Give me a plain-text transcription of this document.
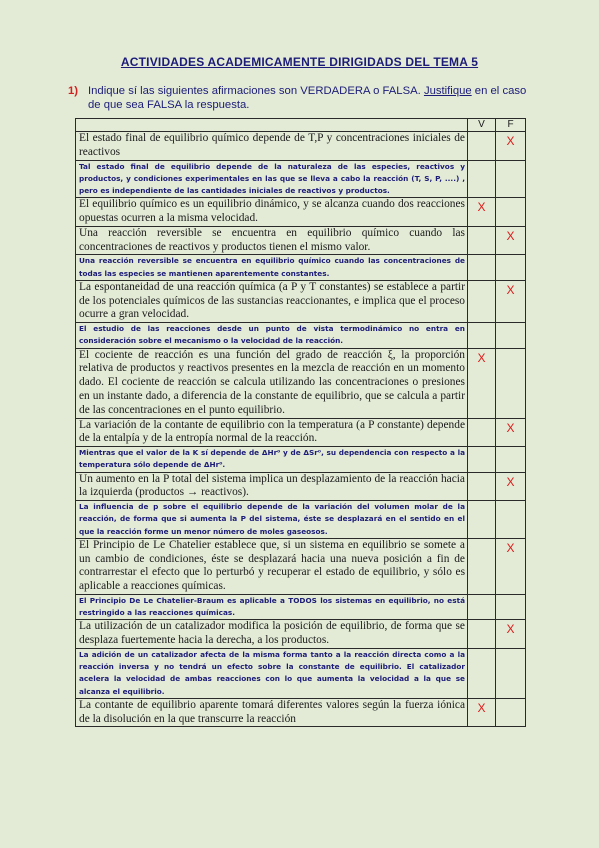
ACTIVIDADES ACADEMICAMENTE DIRIGIDADS DEL TEMA 5
1) Indique sí las siguientes afirmaciones son VERDADERA o FALSA. Justifique en el caso de que sea FALSA la respuesta.
	V	F
El estado final de equilibrio químico depende de T,P y concentraciones iniciales de reactivos		X
Tal estado final de equilibrio depende de la naturaleza de las especies, reactivos y productos, y condiciones experimentales en las que se lleva a cabo la reacción (T, S, P, ....) , pero es independiente de las cantidades iniciales de reactivos y productos.		
El equilibrio químico es un equilibrio dinámico, y se alcanza cuando dos reacciones opuestas ocurren a la misma velocidad.	X	
Una reacción reversible se encuentra en equilibrio químico cuando las concentraciones de reactivos y productos tienen el mismo valor.		X
Una reacción reversible se encuentra en equilibrio químico cuando las concentraciones de todas las especies se mantienen aparentemente constantes.		
La espontaneidad de una reacción química (a P y T constantes) se establece a partir de los potenciales químicos de las sustancias reaccionantes, e implica que el proceso ocurre a gran velocidad.		X
El estudio de las reacciones desde un punto de vista termodinámico no entra en consideración sobre el mecanismo o la velocidad de la reacción.		
El cociente de reacción es una función del grado de reacción ξ, la proporción relativa de productos y reactivos presentes en la mezcla de reacción en un momento dado. El cociente de reacción se calcula utilizando las concentraciones o presiones en un instante dado, a diferencia de la constante de equilibrio, que se calcula a partir de las concentraciones en el punto equilibrio.	X	
La variación de la contante de equilibrio con la temperatura (a P constante) depende de la entalpía y de la entropía normal de la reacción.		X
Mientras que el valor de la K sí depende de ΔHr⁰ y de ΔSr⁰, su dependencia con respecto a la temperatura sólo depende de ΔHr⁰.		
Un aumento en la P total del sistema implica un desplazamiento de la reacción hacia la izquierda (productos → reactivos).		X
La influencia de p sobre el equilibrio depende de la variación del volumen molar de la reacción, de forma que si aumenta la P del sistema, éste se desplazará en el sentido en el que la reacción forme un menor número de moles gaseosos.		
El Principio de Le Chatelier establece que, si un sistema en equilibrio se somete a un cambio de condiciones, éste se desplazará hacia una nueva posición a fin de contrarrestar el efecto que lo perturbó y recuperar el estado de equilibrio, y sólo es aplicable a reacciones químicas.		X
El Principio De Le Chatelier-Braum es aplicable a TODOS los sistemas en equilibrio, no está restringido a las reacciones químicas.		
La utilización de un catalizador modifica la posición de equilibrio, de forma que se desplaza fuertemente hacia la derecha, a los productos.		X
La adición de un catalizador afecta de la misma forma tanto a la reacción directa como a la reacción inversa y no tendrá un efecto sobre la constante de equilibrio. El catalizador acelera la velocidad de ambas reacciones con lo que aumenta la velocidad a la que se alcanza el equilibrio.		
La contante de equilibrio aparente tomará diferentes valores según la fuerza iónica de la disolución en la que transcurre la reacción	X	
